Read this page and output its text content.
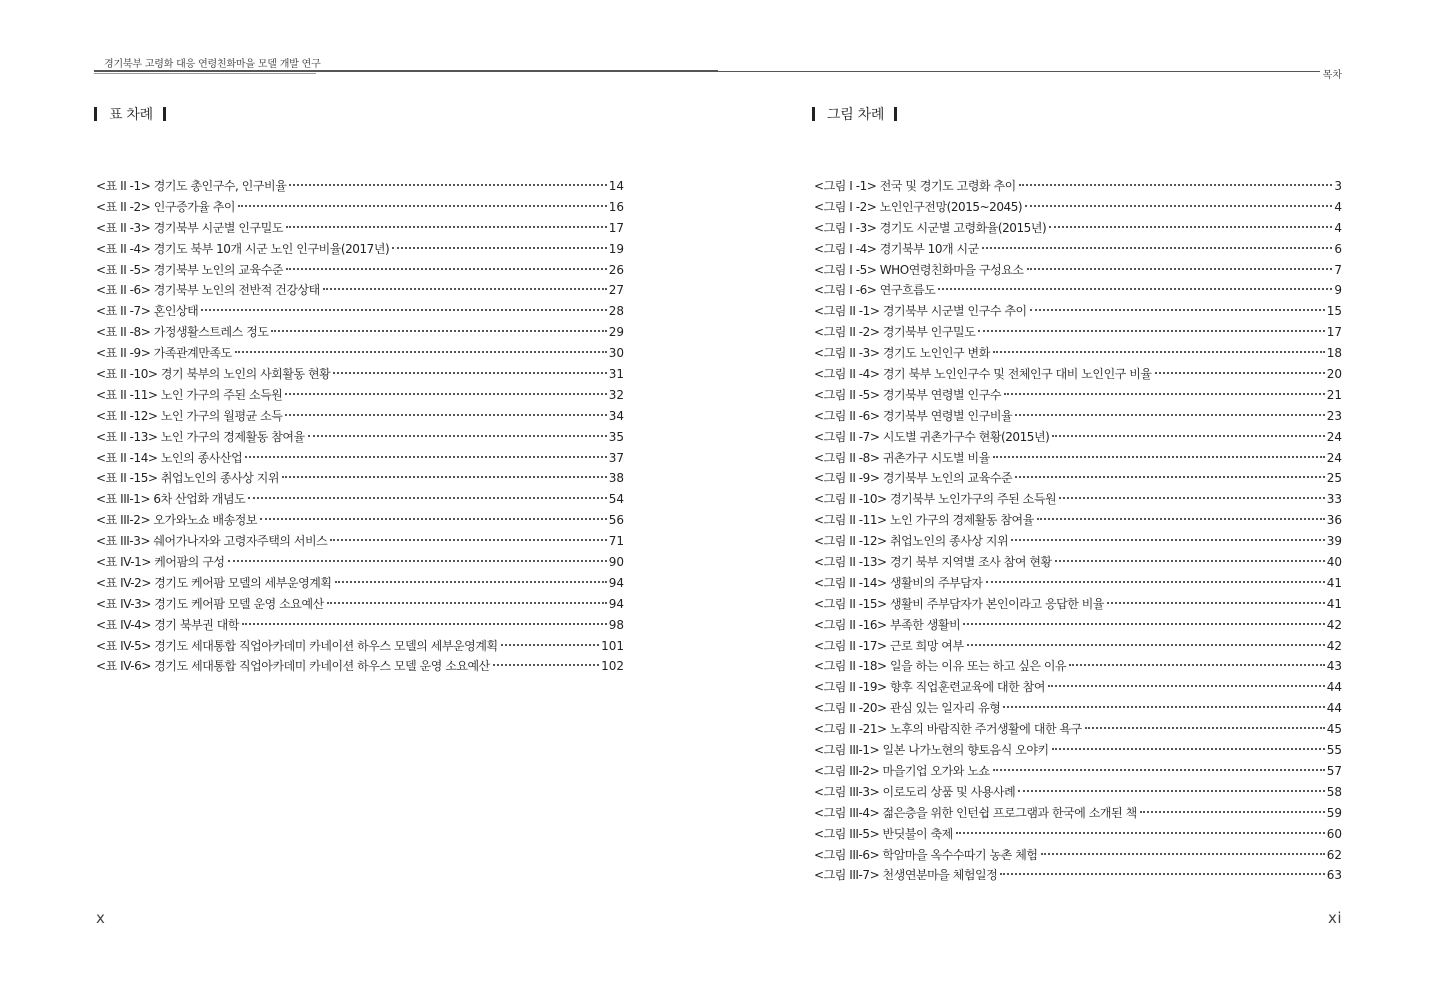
경기북부 고령화 대응 연령친화마을 모델 개발 연구
표 차례
<표 II -1> 경기도 총인구수, 인구비율	14
<표 II -2> 인구증가율 추이	16
<표 II -3> 경기북부 시군별 인구밀도	17
<표 II -4> 경기도 북부 10개 시군 노인 인구비율(2017년)	19
<표 II -5> 경기북부 노인의 교육수준	26
<표 II -6> 경기북부 노인의 전반적 건강상태	27
<표 II -7> 혼인상태	28
<표 II -8> 가정생활스트레스 정도	29
<표 II -9> 가족관계만족도	30
<표 II -10> 경기 북부의 노인의 사회활동 현황	31
<표 II -11> 노인 가구의 주된 소득원	32
<표 II -12> 노인 가구의 월평균 소득	34
<표 II -13> 노인 가구의 경제활동 참여율	35
<표 II -14> 노인의 종사산업	37
<표 II -15> 취업노인의 종사상 지위	38
<표 III-1> 6차 산업화 개념도	54
<표 III-2> 오가와노쇼 배송정보	56
<표 III-3> 쉐어가나자와 고령자주택의 서비스	71
<표 IV-1> 케어팜의 구성	90
<표 IV-2> 경기도 케어팜 모델의 세부운영계획	94
<표 IV-3> 경기도 케어팜 모델 운영 소요예산	94
<표 IV-4> 경기 북부권 대학	98
<표 IV-5> 경기도 세대통합 직업아카데미 카네이션 하우스 모델의 세부운영계획	101
<표 IV-6> 경기도 세대통합 직업아카데미 카네이션 하우스 모델 운영 소요예산	102
x
목차
그림 차례
<그림 I -1> 전국 및 경기도 고령화 추이	3
<그림 I -2> 노인인구전망(2015~2045)	4
<그림 I -3> 경기도 시군별 고령화율(2015년)	4
<그림 I -4> 경기북부 10개 시군	6
<그림 I -5> WHO연령친화마을 구성요소	7
<그림 I -6> 연구흐름도	9
<그림 II -1> 경기북부 시군별 인구수 추이	15
<그림 II -2> 경기북부 인구밀도	17
<그림 II -3> 경기도 노인인구 변화	18
<그림 II -4> 경기 북부 노인인구수 및 전체인구 대비 노인인구 비율	20
<그림 II -5> 경기북부 연령별 인구수	21
<그림 II -6> 경기북부 연령별 인구비율	23
<그림 II -7> 시도별 귀촌가구수 현황(2015년)	24
<그림 II -8> 귀촌가구 시도별 비율	24
<그림 II -9> 경기북부 노인의 교육수준	25
<그림 II -10> 경기북부 노인가구의 주된 소득원	33
<그림 II -11> 노인 가구의 경제활동 참여율	36
<그림 II -12> 취업노인의 종사상 지위	39
<그림 II -13> 경기 북부 지역별 조사 참여 현황	40
<그림 II -14> 생활비의 주부담자	41
<그림 II -15> 생활비 주부담자가 본인이라고 응답한 비율	41
<그림 II -16> 부족한 생활비	42
<그림 II -17> 근로 희망 여부	42
<그림 II -18> 일을 하는 이유 또는 하고 싶은 이유	43
<그림 II -19> 향후 직업훈련교육에 대한 참여	44
<그림 II -20> 관심 있는 일자리 유형	44
<그림 II -21> 노후의 바람직한 주거생활에 대한 욕구	45
<그림 III-1> 일본 나가노현의 향토음식 오야키	55
<그림 III-2> 마을기업 오가와 노쇼	57
<그림 III-3> 이로도리 상품 및 사용사례	58
<그림 III-4> 젊은층을 위한 인턴쉽 프로그램과 한국에 소개된 책	59
<그림 III-5> 반딧불이 축제	60
<그림 III-6> 학암마을 옥수수따기 농촌 체험	62
<그림 III-7> 천생연분마을 체험일정	63
xi
